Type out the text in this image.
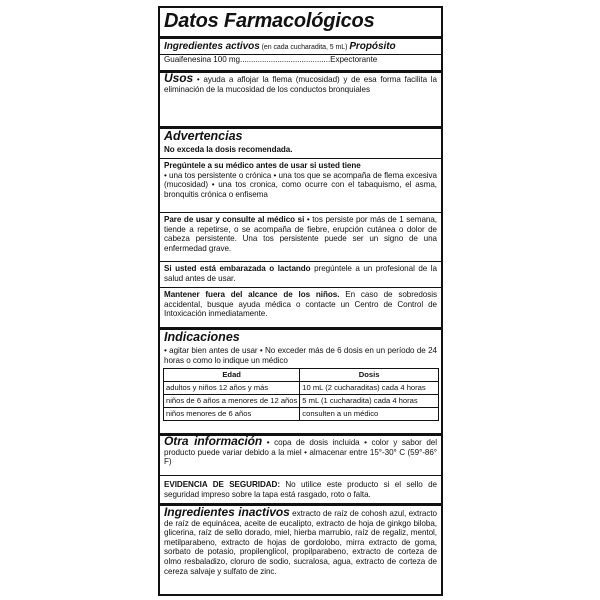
Datos Farmacológicos
Ingredientes activos (en cada cucharadita, 5 mL) Propósito

Guaifenesina 100 mg.........................................Expectorante

Usos • ayuda a aflojar la flema (mucosidad) y de esa forma facilita la eliminación de la mucosidad de los conductos bronquiales

Advertencias

No exceda la dosis recomendada.

Pregúntele a su médico antes de usar si usted tiene
• una tos persistente o crónica • una tos que se acompaña de flema excesiva (mucosidad) • una tos cronica, como ocurre con el tabaquismo, el asma, bronquitis crónica o enfisema

Pare de usar y consulte al médico si • tos persiste por más de 1 semana, tiende a repetirse, o se acompaña de fiebre, erupción cutánea o dolor de cabeza persistente. Una tos persistente puede ser un signo de una enfermedad grave.

Si usted está embarazada o lactando pregúntele a un profesional de la salud antes de usar.

Mantener fuera del alcance de los niños. En caso de sobredosis accidental, busque ayuda médica o contacte un Centro de Control de Intoxicación inmediatamente.

Indicaciones

• agitar bien antes de usar • No exceder más de 6 dosis en un período de 24 horas o como lo indique un médico

Edad	Dosis
adultos y niños 12 años y más	10 mL (2 cucharaditas) cada 4 horas
niños de 6 años a menores de 12 años	5 mL (1 cucharadita) cada 4 horas
niños menores de 6 años	consulten a un médico

Otra información • copa de dosis incluida • color y sabor del producto puede variar debido a la miel • almacenar entre 15°-30° C (59°-86° F)

EVIDENCIA DE SEGURIDAD: No utilice este producto si el sello de seguridad impreso sobre la tapa está rasgado, roto o falta.

Ingredientes inactivos extracto de raíz de cohosh azul, extracto de raíz de equinácea, aceite de eucalipto, extracto de hoja de ginkgo biloba, glicerina, raíz de sello dorado, miel, hierba marrubio, raíz de regaliz, mentol, metilparabeno, extracto de hojas de gordolobo, mirra extracto de goma, sorbato de potasio, propilenglicol, propilparabeno, extracto de corteza de olmo resbaladizo, cloruro de sodio, sucralosa, agua, extracto de corteza de cereza salvaje y sulfato de zinc.
